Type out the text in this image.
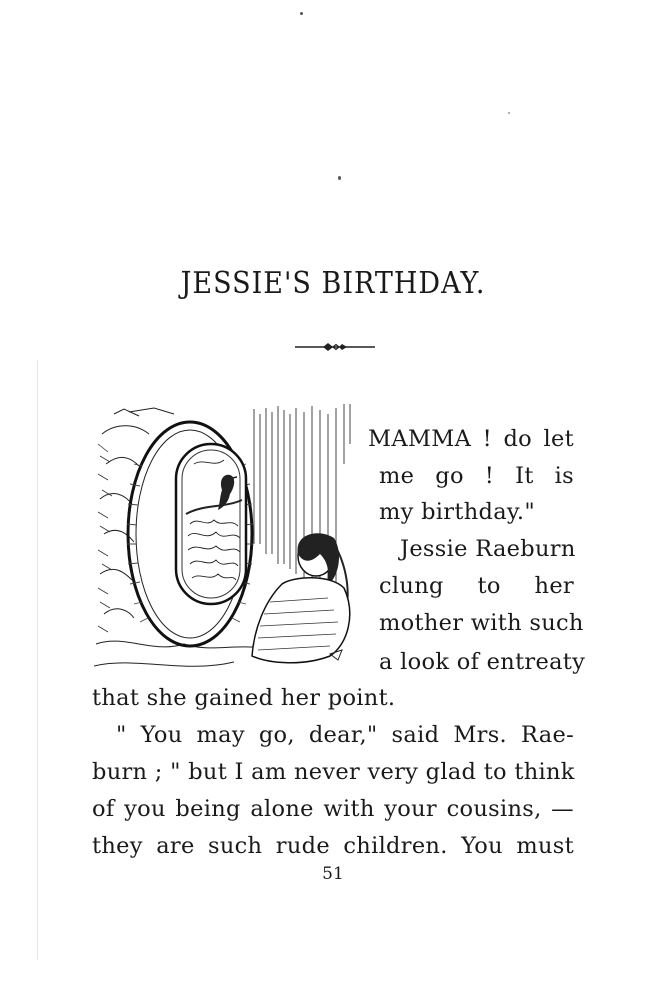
JESSIE'S BIRTHDAY.
MAMMA ! do let
me go ! It is
my birthday."
Jessie Raeburn
clung to her
mother with such
a look of entreaty
that she gained her point.
" You may go, dear," said Mrs. Rae-
burn ; " but I am never very glad to think
of you being alone with your cousins, —
they are such rude children. You must
51
